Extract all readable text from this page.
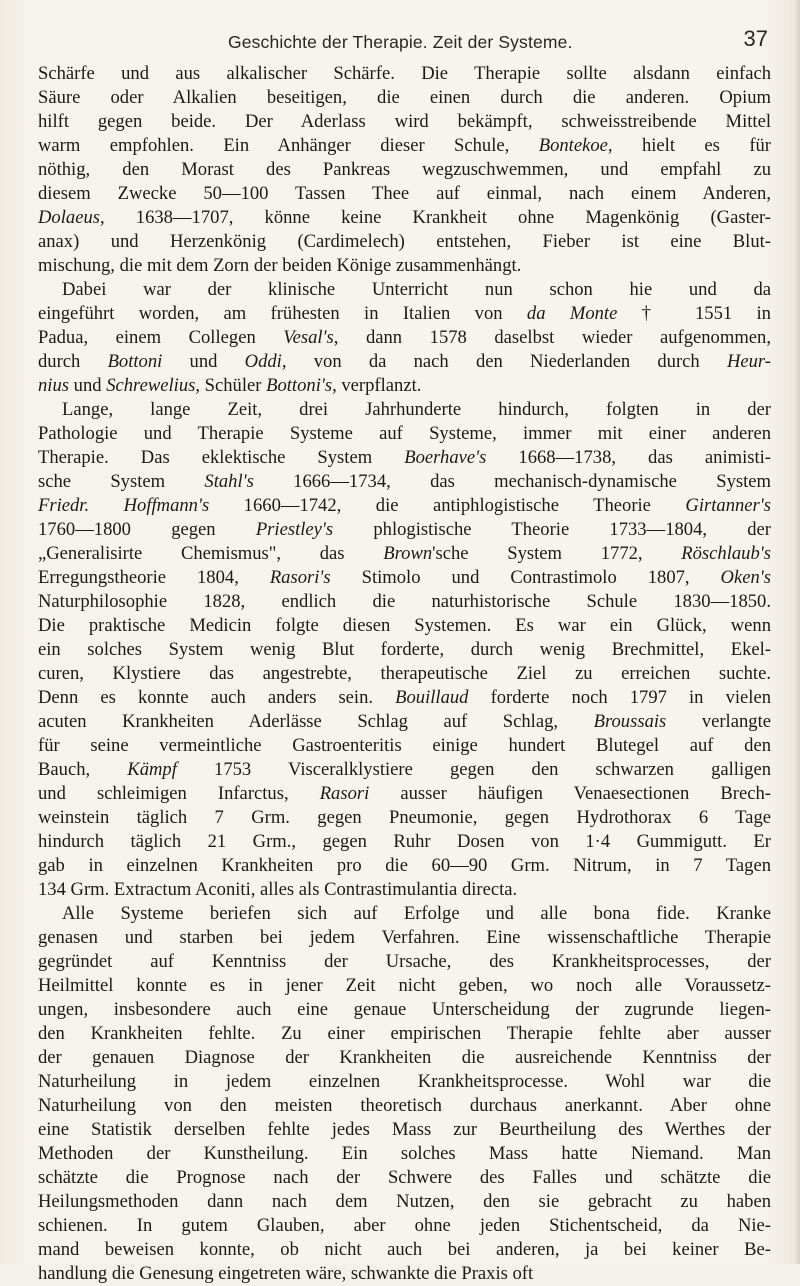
Geschichte der Therapie. Zeit der Systeme.	37
Schärfe und aus alkalischer Schärfe. Die Therapie sollte alsdann einfach
Säure oder Alkalien beseitigen, die einen durch die anderen. Opium
hilft gegen beide. Der Aderlass wird bekämpft, schweisstreibende Mittel
warm empfohlen. Ein Anhänger dieser Schule, Bontekoe, hielt es für
nöthig, den Morast des Pankreas wegzuschwemmen, und empfahl zu
diesem Zwecke 50—100 Tassen Thee auf einmal, nach einem Anderen,
Dolaeus, 1638—1707, könne keine Krankheit ohne Magenkönig (Gaster-
anax) und Herzenkönig (Cardimelech) entstehen, Fieber ist eine Blut-
mischung, die mit dem Zorn der beiden Könige zusammenhängt.
Dabei war der klinische Unterricht nun schon hie und da
eingeführt worden, am frühesten in Italien von da Monte † 1551 in
Padua, einem Collegen Vesal's, dann 1578 daselbst wieder aufgenommen,
durch Bottoni und Oddi, von da nach den Niederlanden durch Heur-
nius und Schrewelius, Schüler Bottoni's, verpflanzt.
Lange, lange Zeit, drei Jahrhunderte hindurch, folgten in der
Pathologie und Therapie Systeme auf Systeme, immer mit einer anderen
Therapie. Das eklektische System Boerhave's 1668—1738, das animisti-
sche System Stahl's 1666—1734, das mechanisch-dynamische System
Friedr. Hoffmann's 1660—1742, die antiphlogistische Theorie Girtanner's
1760—1800 gegen Priestley's phlogistische Theorie 1733—1804, der
„Generalisirte Chemismus", das Brown'sche System 1772, Röschlaub's
Erregungstheorie 1804, Rasori's Stimolo und Contrastimolo 1807, Oken's
Naturphilosophie 1828, endlich die naturhistorische Schule 1830—1850.
Die praktische Medicin folgte diesen Systemen. Es war ein Glück, wenn
ein solches System wenig Blut forderte, durch wenig Brechmittel, Ekel-
curen, Klystiere das angestrebte, therapeutische Ziel zu erreichen suchte.
Denn es konnte auch anders sein. Bouillaud forderte noch 1797 in vielen
acuten Krankheiten Aderlässe Schlag auf Schlag, Broussais verlangte
für seine vermeintliche Gastroenteritis einige hundert Blutegel auf den
Bauch, Kämpf 1753 Visceralklystiere gegen den schwarzen galligen
und schleimigen Infarctus, Rasori ausser häufigen Venaesectionen Brech-
weinstein täglich 7 Grm. gegen Pneumonie, gegen Hydrothorax 6 Tage
hindurch täglich 21 Grm., gegen Ruhr Dosen von 1·4 Gummigutt. Er
gab in einzelnen Krankheiten pro die 60—90 Grm. Nitrum, in 7 Tagen
134 Grm. Extractum Aconiti, alles als Contrastimulantia directa.
Alle Systeme beriefen sich auf Erfolge und alle bona fide. Kranke
genasen und starben bei jedem Verfahren. Eine wissenschaftliche Therapie
gegründet auf Kenntniss der Ursache, des Krankheitsprocesses, der
Heilmittel konnte es in jener Zeit nicht geben, wo noch alle Voraussetz-
ungen, insbesondere auch eine genaue Unterscheidung der zugrunde liegen-
den Krankheiten fehlte. Zu einer empirischen Therapie fehlte aber ausser
der genauen Diagnose der Krankheiten die ausreichende Kenntniss der
Naturheilung in jedem einzelnen Krankheitsprocesse. Wohl war die
Naturheilung von den meisten theoretisch durchaus anerkannt. Aber ohne
eine Statistik derselben fehlte jedes Mass zur Beurtheilung des Werthes der
Methoden der Kunstheilung. Ein solches Mass hatte Niemand. Man
schätzte die Prognose nach der Schwere des Falles und schätzte die
Heilungsmethoden dann nach dem Nutzen, den sie gebracht zu haben
schienen. In gutem Glauben, aber ohne jeden Stichentscheid, da Nie-
mand beweisen konnte, ob nicht auch bei anderen, ja bei keiner Be-
handlung die Genesung eingetreten wäre, schwankte die Praxis oft
